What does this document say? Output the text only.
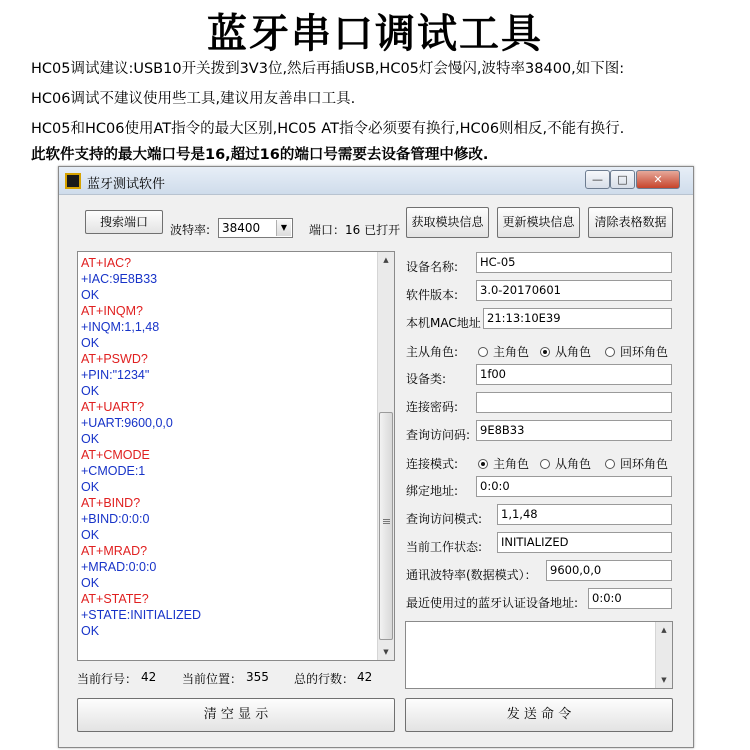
蓝牙串口调试工具
HC05调试建议:USB10开关拨到3V3位,然后再插USB,HC05灯会慢闪,波特率38400,如下图:
HC06调试不建议使用些工具,建议用友善串口工具.
HC05和HC06使用AT指令的最大区别,HC05 AT指令必须要有换行,HC06则相反,不能有换行.
此软件支持的最大端口号是16,超过16的端口号需要去设备管理中修改.
蓝牙测试软件	—	□	✕
搜索端口
波特率: 38400	▼	端口：16 已打开
获取模块信息	更新模块信息	清除表格数据
AT+IAC?
+IAC:9E8B33
OK
AT+INQM?
+INQM:1,1,48
OK
AT+PSWD?
+PIN:"1234"
OK
AT+UART?
+UART:9600,0,0
OK
AT+CMODE
+CMODE:1
OK
AT+BIND?
+BIND:0:0:0
OK
AT+MRAD?
+MRAD:0:0:0
OK
AT+STATE?
+STATE:INITIALIZED
OK
▲
▼
当前行号： 42 当前位置： 355 总的行数： 42
设备名称:	HC-05
软件版本:	3.0-20170601
本机MAC地址 21:13:10E39
主从角色:	主角色	从角色	回环角色
设备类:	1f00
连接密码:
查询访问码: 9E8B33
连接模式:	主角色	从角色	回环角色
绑定地址:	0:0:0
查询访问模式:	1,1,48
当前工作状态:	INITIALIZED
通讯波特率(数据模式）：	9600,0,0
最近使用过的蓝牙认证设备地址:	0:0:0
▲
▼
清 空 显 示	发 送 命 令
